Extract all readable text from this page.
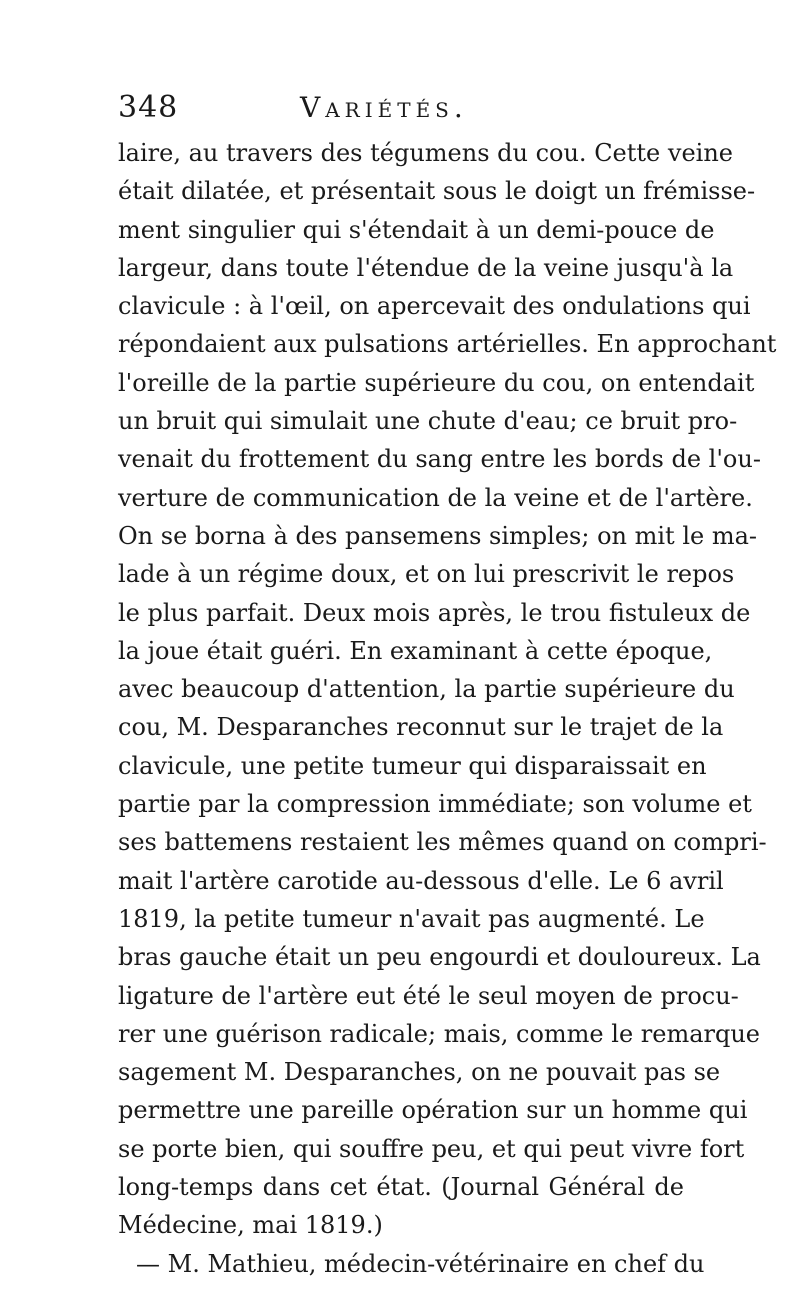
348	Variétés.
laire, au travers des tégumens du cou. Cette veine
était dilatée, et présentait sous le doigt un frémisse-
ment singulier qui s'étendait à un demi-pouce de
largeur, dans toute l'étendue de la veine jusqu'à la
clavicule : à l'œil, on apercevait des ondulations qui
répondaient aux pulsations artérielles. En approchant
l'oreille de la partie supérieure du cou, on entendait
un bruit qui simulait une chute d'eau; ce bruit pro-
venait du frottement du sang entre les bords de l'ou-
verture de communication de la veine et de l'artère.
On se borna à des pansemens simples; on mit le ma-
lade à un régime doux, et on lui prescrivit le repos
le plus parfait. Deux mois après, le trou fistuleux de
la joue était guéri. En examinant à cette époque,
avec beaucoup d'attention, la partie supérieure du
cou, M. Desparanches reconnut sur le trajet de la
clavicule, une petite tumeur qui disparaissait en
partie par la compression immédiate; son volume et
ses battemens restaient les mêmes quand on compri-
mait l'artère carotide au-dessous d'elle. Le 6 avril
1819, la petite tumeur n'avait pas augmenté. Le
bras gauche était un peu engourdi et douloureux. La
ligature de l'artère eut été le seul moyen de procu-
rer une guérison radicale; mais, comme le remarque
sagement M. Desparanches, on ne pouvait pas se
permettre une pareille opération sur un homme qui
se porte bien, qui souffre peu, et qui peut vivre fort
long-temps dans cet état. (Journal Général de
Médecine, mai 1819.)
— M. Mathieu, médecin-vétérinaire en chef du
